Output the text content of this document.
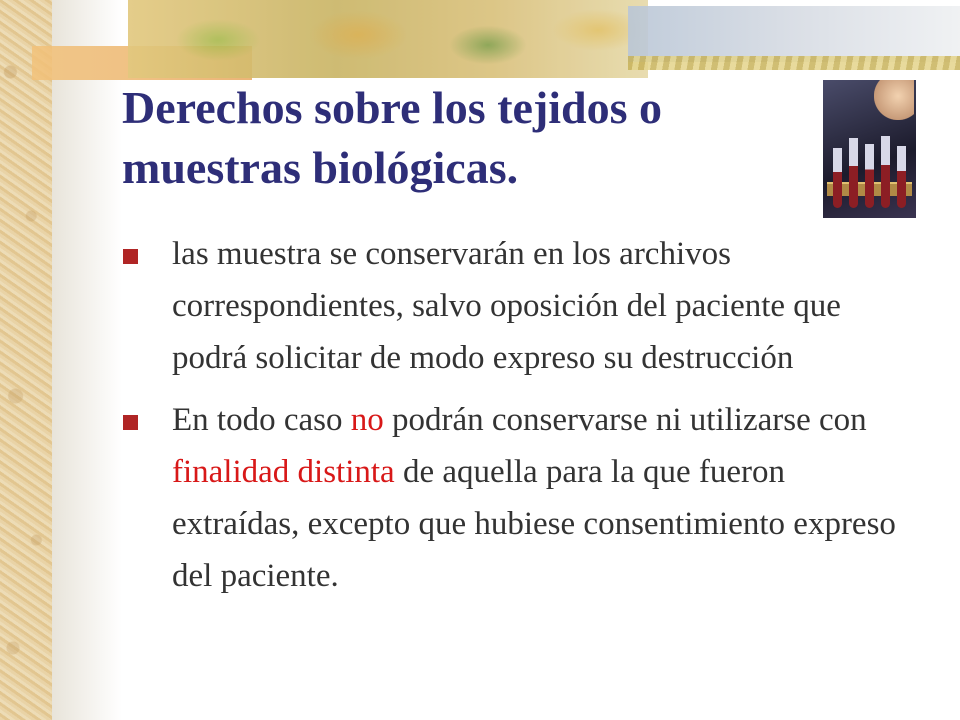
Derechos sobre los tejidos o muestras biológicas.
las muestra se conservarán en los archivos correspondientes, salvo oposición del paciente que podrá solicitar de modo expreso su destrucción
En todo caso no podrán conservarse ni utilizarse con finalidad distinta de aquella para la que fueron extraídas, excepto que hubiese consentimiento expreso del paciente.
